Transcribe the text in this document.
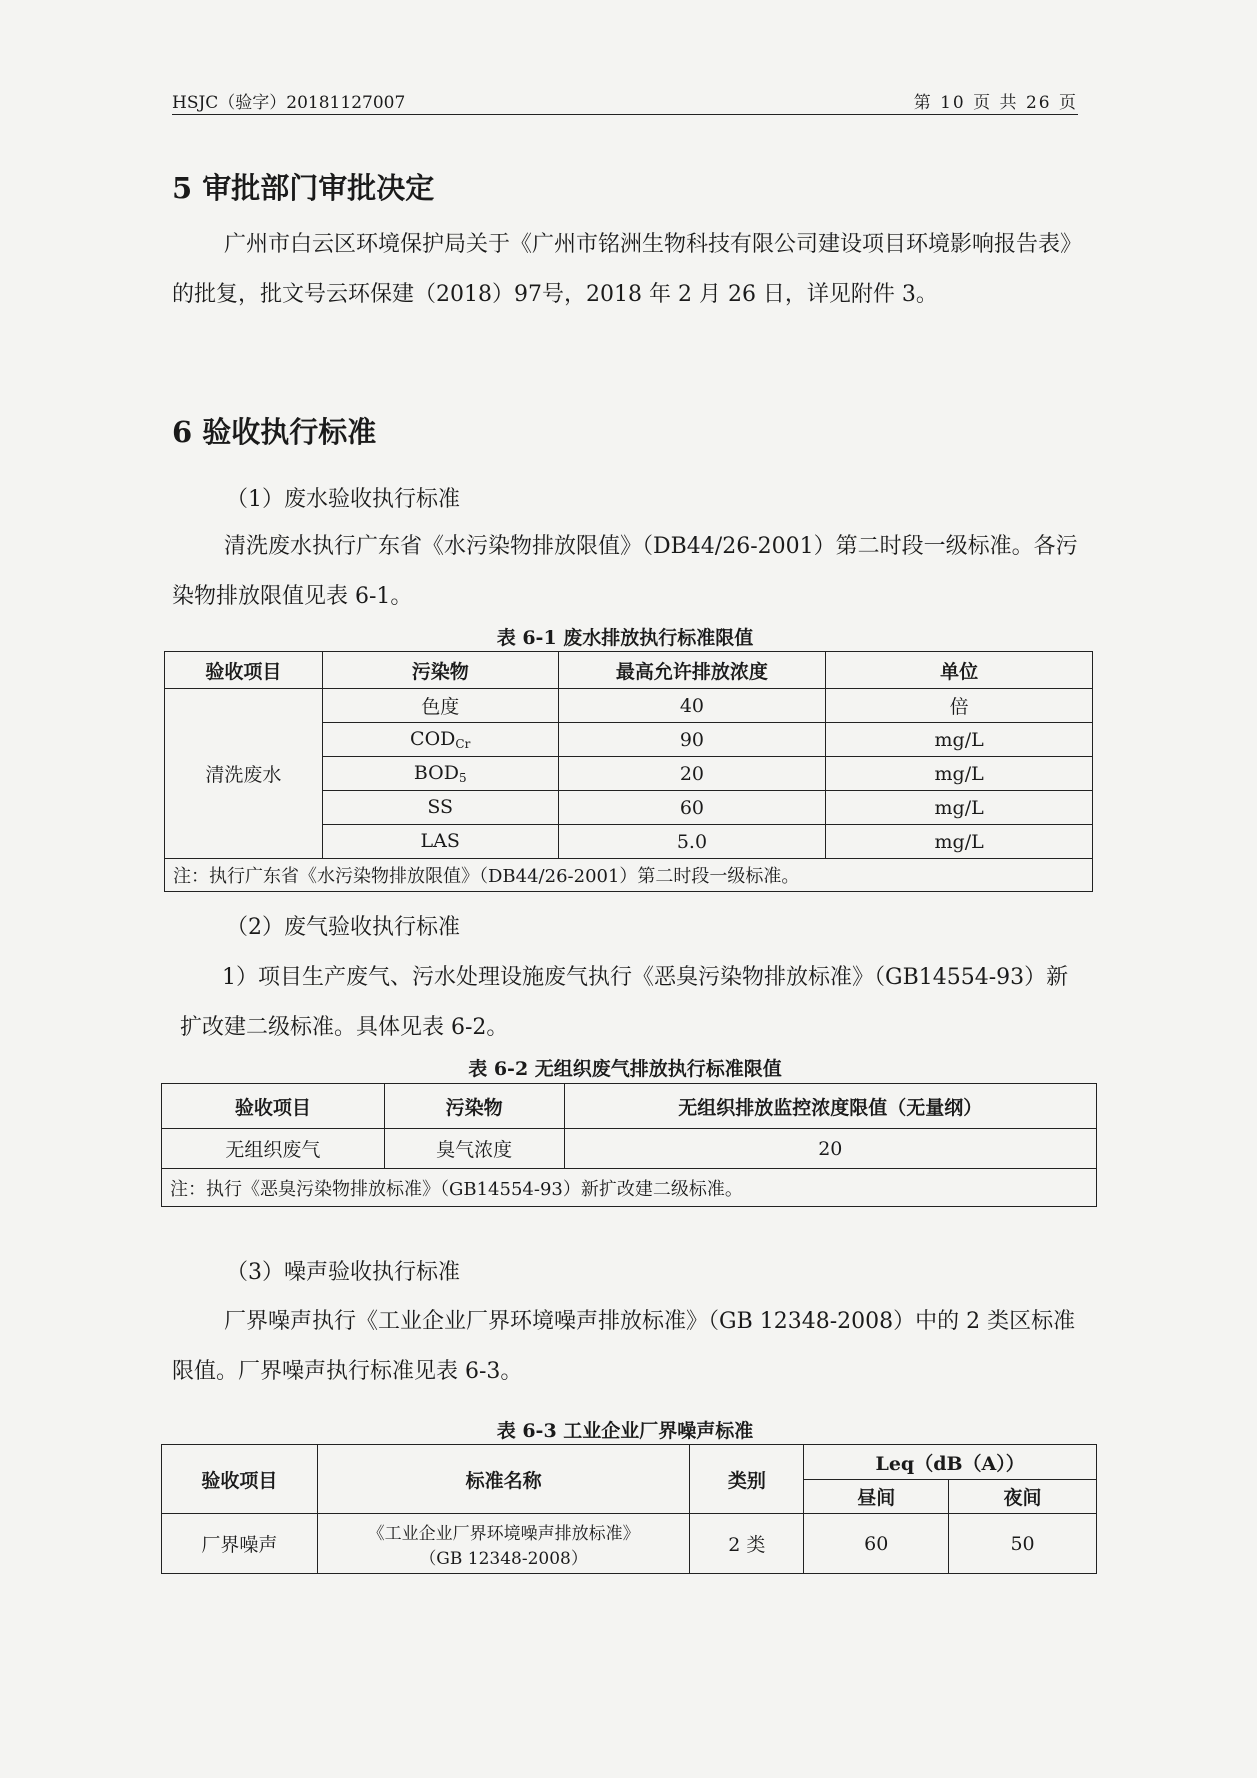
HSJC（验字）20181127007	第 10 页 共 26 页
5 审批部门审批决定

广州市白云区环境保护局关于《广州市铭洲生物科技有限公司建设项目环境影响报告表》的批复，批文号云环保建（2018）97号，2018 年 2 月 26 日，详见附件 3。

6 验收执行标准

（1）废水验收执行标准

清洗废水执行广东省《水污染物排放限值》（DB44/26-2001）第二时段一级标准。各污染物排放限值见表 6-1。

表 6-1 废水排放执行标准限值

验收项目	污染物	最高允许排放浓度	单位
清洗废水	色度	40	倍
	$COD_{Cr}$	90	mg/L
	$BOD_5$	20	mg/L
	SS	60	mg/L
	LAS	5.0	mg/L
注：执行广东省《水污染物排放限值》（DB44/26-2001）第二时段一级标准。			

（2）废气验收执行标准

1）项目生产废气、污水处理设施废气执行《恶臭污染物排放标准》（GB14554-93）新扩改建二级标准。具体见表 6-2。

表 6-2 无组织废气排放执行标准限值

验收项目	污染物	无组织排放监控浓度限值（无量纲）
无组织废气	臭气浓度	20
注：执行《恶臭污染物排放标准》（GB14554-93）新扩改建二级标准。		

（3）噪声验收执行标准

厂界噪声执行《工业企业厂界环境噪声排放标准》（GB 12348-2008）中的 2 类区标准限值。厂界噪声执行标准见表 6-3。

表 6-3 工业企业厂界噪声标准

验收项目	标准名称	类别	Leq（dB（A））	
			昼间	夜间
厂界噪声	《工业企业厂界环境噪声排放标准》
（GB 12348-2008）	2 类	60	50
